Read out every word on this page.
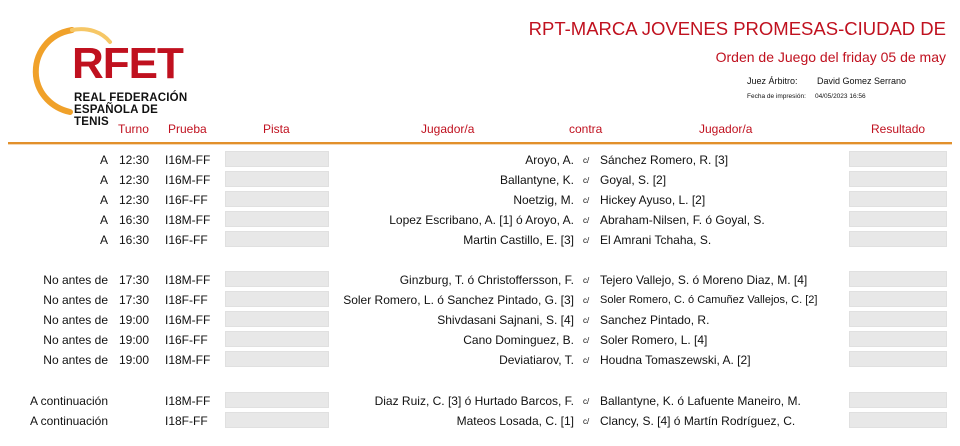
RFET
REAL FEDERACIÓN
ESPAÑOLA DE TENIS
RPT-MARCA JOVENES PROMESAS-CIUDAD DE
Orden de Juego del friday 05 de may
Juez Árbitro: David Gomez Serrano
Fecha de impresión: 04/05/2023 16:56
Turno Prueba	Pista	Jugador/a	contra	Jugador/a	Resultado
A 12:30 I16M-FF	Aroyo, A. c/ Sánchez Romero, R. [3]
A 12:30 I16M-FF	Ballantyne, K. c/ Goyal, S. [2]
A 12:30 I16F-FF	Noetzig, M. c/ Hickey Ayuso, L. [2]
A 16:30 I18M-FF	Lopez Escribano, A. [1] ó Aroyo, A. c/ Abraham-Nilsen, F. ó Goyal, S.
A 16:30 I16F-FF	Martin Castillo, E. [3] c/ El Amrani Tchaha, S.
No antes de 17:30 I18M-FF	Ginzburg, T. ó Christoffersson, F. c/ Tejero Vallejo, S. ó Moreno Diaz, M. [4]
No antes de 17:30 I18F-FF	Soler Romero, L. ó Sanchez Pintado, G. [3] c/ Soler Romero, C. ó Camuñez Vallejos, C. [2]
No antes de 19:00 I16M-FF	Shivdasani Sajnani, S. [4] c/ Sanchez Pintado, R.
No antes de 19:00 I16F-FF	Cano Dominguez, B. c/ Soler Romero, L. [4]
No antes de 19:00 I18M-FF	Deviatiarov, T. c/ Houdna Tomaszewski, A. [2]
A continuación	I18M-FF	Diaz Ruiz, C. [3] ó Hurtado Barcos, F. c/ Ballantyne, K. ó Lafuente Maneiro, M.
A continuación	I18F-FF	Mateos Losada, C. [1] c/ Clancy, S. [4] ó Martín Rodríguez, C.
